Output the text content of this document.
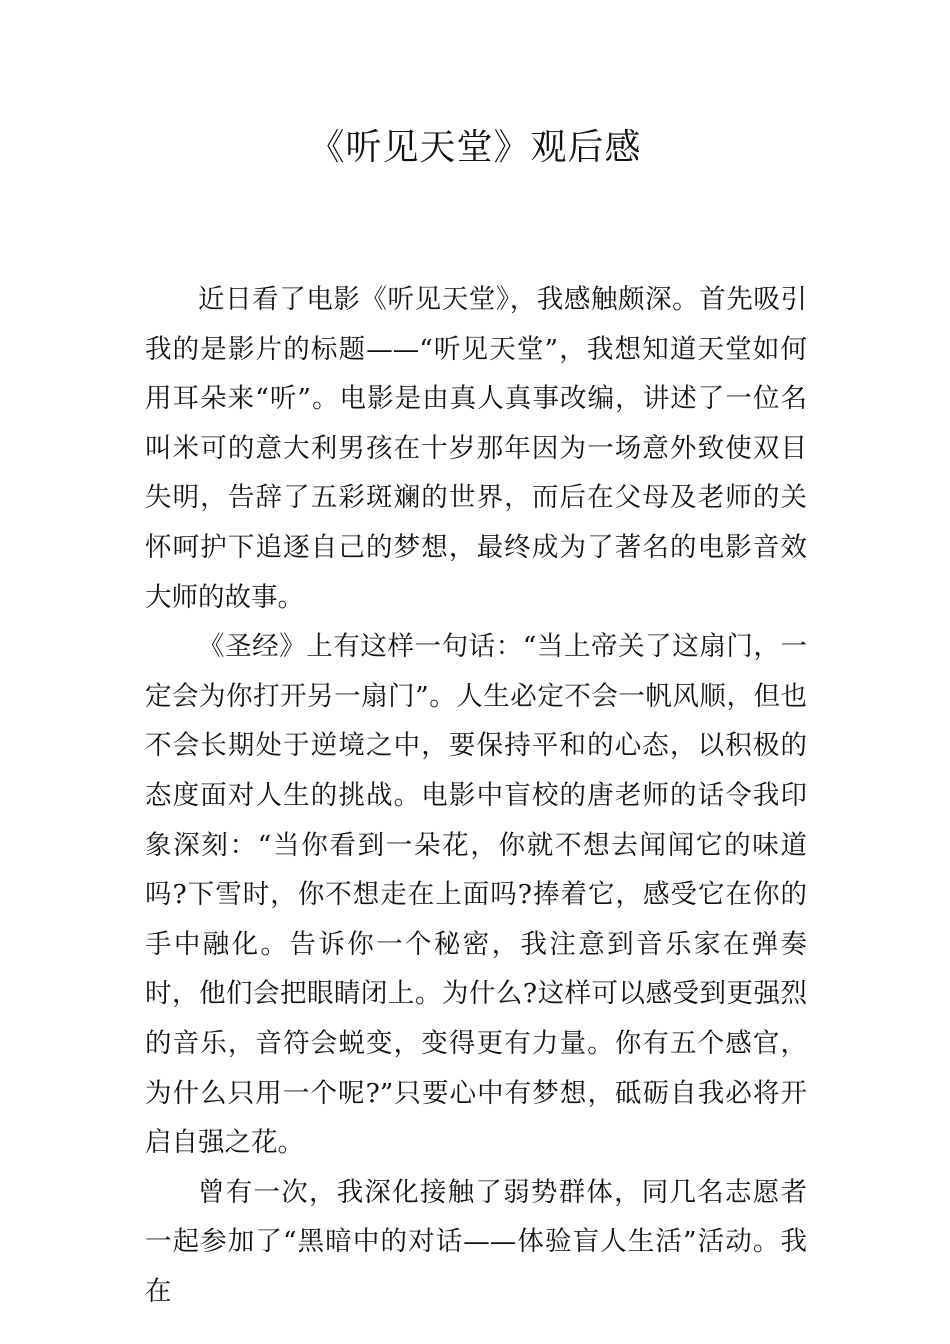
《听见天堂》观后感

近日看了电影《听见天堂》，我感触颇深。首先吸引我的是影片的标题——“听见天堂”，我想知道天堂如何用耳朵来“听”。电影是由真人真事改编，讲述了一位名叫米可的意大利男孩在十岁那年因为一场意外致使双目失明，告辞了五彩斑斓的世界，而后在父母及老师的关怀呵护下追逐自己的梦想，最终成为了著名的电影音效大师的故事。

《圣经》上有这样一句话：“当上帝关了这扇门，一定会为你打开另一扇门”。人生必定不会一帆风顺，但也不会长期处于逆境之中，要保持平和的心态，以积极的态度面对人生的挑战。电影中盲校的唐老师的话令我印象深刻：“当你看到一朵花，你就不想去闻闻它的味道吗?下雪时，你不想走在上面吗?捧着它，感受它在你的手中融化。告诉你一个秘密，我注意到音乐家在弹奏时，他们会把眼睛闭上。为什么?这样可以感受到更强烈的音乐，音符会蜕变，变得更有力量。你有五个感官，为什么只用一个呢?”只要心中有梦想，砥砺自我必将开启自强之花。

曾有一次，我深化接触了弱势群体，同几名志愿者一起参加了“黑暗中的对话——体验盲人生活”活动。我在
